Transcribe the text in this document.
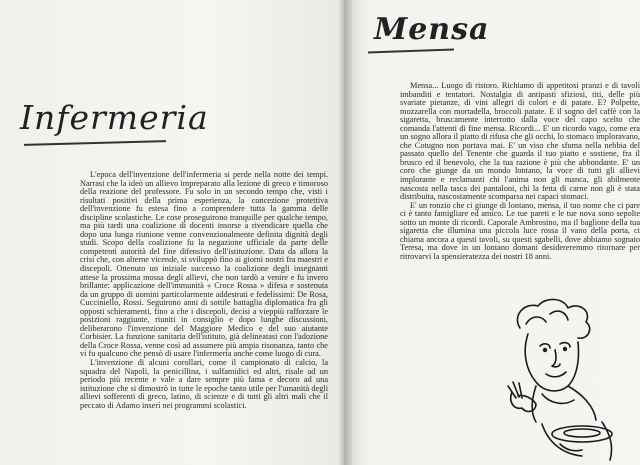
Infermeria

L'epoca dell'invenzione dell'infermeria si perde nella notte dei tempi. Narrasi che la ideò un allievo impreparato alla lezione di greco e timoroso della reazione del professore. Fu solo in un secondo tempo che, visti i risultati positivi della prima esperienza, la concezione protettiva dell'invenzione fu estesa fino a comprendere tutta la gamma delle discipline scolastiche. Le cose proseguirono tranquille per qualche tempo, ma più tardi una coalizione di docenti insorse a rivendicare quella che dopo una lunga riunione venne convenzionalmente definita dignità degli studi. Scopo della coalizione fu la negazione ufficiale da parte delle competenti autorità del fine difensivo dell'istituzione. Data da allora la crisi che, con alterne vicende, si sviluppò fino ai giorni nostri fra maestri e discepoli. Ottenuto un iniziale successo la coalizione degli insegnanti attese la prossima mossa degli allievi, che non tardò a venire e fu invero brillante: applicazione dell'immunità « Croce Rossa » difesa e sostenuta da un gruppo di uomini particolarmente addestrati e fedelissimi: De Rosa, Cucciniello, Rossi. Seguirono anni di sottile battaglia diplomatica fra gli opposti schieramenti, fino a che i discepoli, decisi a vieppiù rafforzare le posizioni raggiunte, riuniti in consiglio e dopo lunghe discussioni, deliberarono l'invenzione del Maggiore Medico e del suo aiutante Corbisier. La funzione sanitaria dell'istituto, già delineatasi con l'adozione della Croce Rossa, venne così ad assumere più ampia risonanza, tanto che vi fu qualcuno che pensò di usare l'infermeria anche come luogo di cura.

L'invenzione di alcuni corollari, come il campionato di calcio, la squadra del Napoli, la penicillina, i sulfamidici ed altri, risale ad un periodo più recente e vale a dare sempre più fama e decoro ad una istituzione che si dimostrò in tutte le epoche tanto utile per l'umanità degli allievi sofferenti di greco, latino, di scienze e di tutti gli altri mali che il peccato di Adamo inserì nei programmi scolastici.

Mensa

Mensa... Luogo di ristoro. Richiamo di appetitosi pranzi e di tavoli imbanditi e tentatori. Nostalgia di antipasti sfiziosi, titi, delle più svariate pietanze, di vini allegri di colori e di patate. E? Polpette, mozzarella con mortadella, broccoli patate. E il sogno del caffè con la sigaretta, bruscamente interrotto dalla voce del capo scelto che comanda l'attenti di fine mensa. Ricordi... E' un ricordo vago, come era un sogno allora il piatto di rifusa che gli occhi, lo stomaco imploravano, che Cotugno non portava mai. E' un viso che sfuma nella nebbia del passato quello del Tenente che guarda il tuo piatto e sostiene, fra il brusco ed il benevolo, che la tua razione è più che abbondante. E' un coro che giunge da un mondo lontano, la voce di tutti gli allievi implorante e reclamanti chi l'anima non gli manca, gli abilmente nascosta nella tasca dei pantaloni, chi la fetta di carne non gli è stata distribuita, nascostamente scomparsa nei capaci stomaci.

E' un ronzio che ci giunge di lontano, mensa, il tuo nome che ci pare ci è tanto famigliare ed amico. Le tue pareti e le tue nova sono sepolte sotto un monte di ricordi. Caporale Ambrosino, ma il baglione della tua sigaretta che illumina una piccola luce rossa il vano della porta, ci chiama ancora a questi tavoli, su questi sgabelli, dove abbiamo sognato Teresa, ma dove in un lontano domani desidereremmo ritornare per ritrovarvi la spensieratezza dei nostri 18 anni.
